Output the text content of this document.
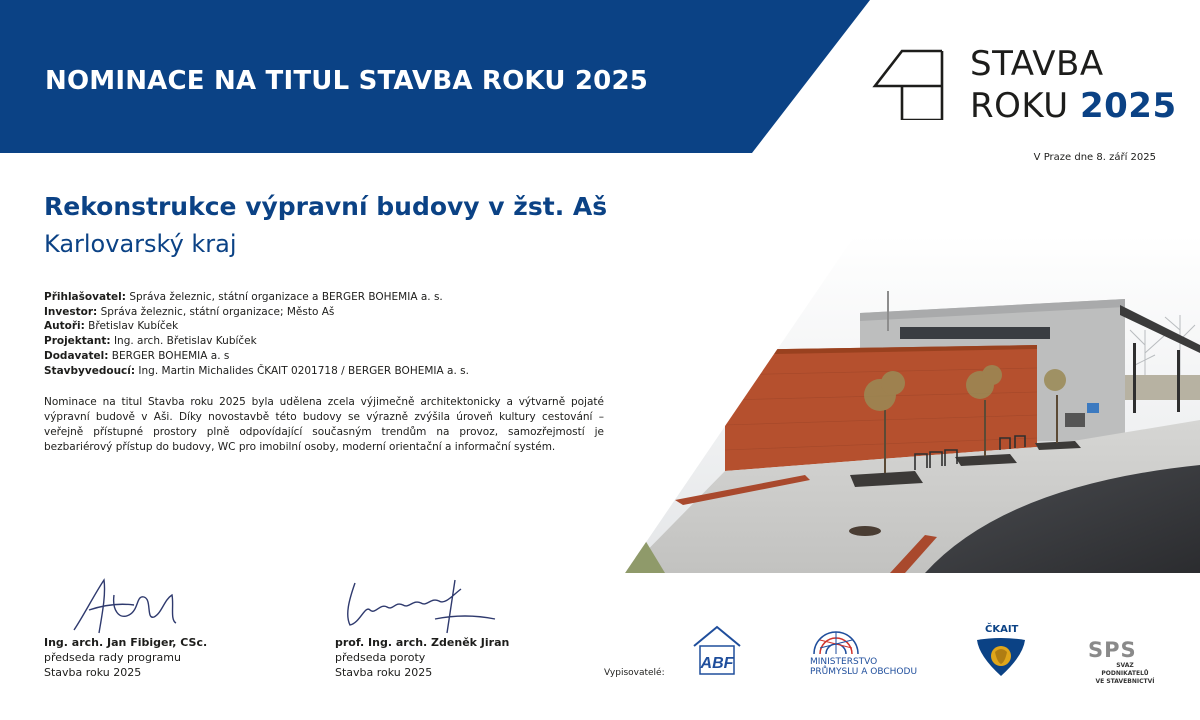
NOMINACE NA TITUL STAVBA ROKU 2025	STAVBA
ROKU 2025
V Praze dne 8. září 2025
Rekonstrukce výpravní budovy v žst. Aš
Karlovarský kraj
Přihlašovatel: Správa železnic, státní organizace a BERGER BOHEMIA a. s.
Investor: Správa železnic, státní organizace; Město Aš
Autoři: Břetislav Kubíček
Projektant: Ing. arch. Břetislav Kubíček
Dodavatel: BERGER BOHEMIA a. s
Stavbyvedoucí: Ing. Martin Michalides ČKAIT 0201718 / BERGER BOHEMIA a. s.
Nominace na titul Stavba roku 2025 byla udělena zcela výjimečně architektonicky a výtvarně pojaté výpravní budově v Aši. Díky novostavbě této budovy se výrazně zvýšila úroveň kultury cestování – veřejně přístupné prostory plně odpovídající současným trendům na provoz, samozřejmostí je bezbariérový přístup do budovy, WC pro imobilní osoby, moderní orientační a informační systém.
Ing. arch. Jan Fibiger, CSc.
předseda rady programu
Stavba roku 2025
prof. Ing. arch. Zdeněk Jiran
předseda poroty
Stavba roku 2025	Vypisovatelé:
ABF	MINISTERSTVO
PRŮMYSLU A OBCHODU
ČKAIT
SPS
SVAZ PODNIKATELŮ
VE STAVEBNICTVÍ
